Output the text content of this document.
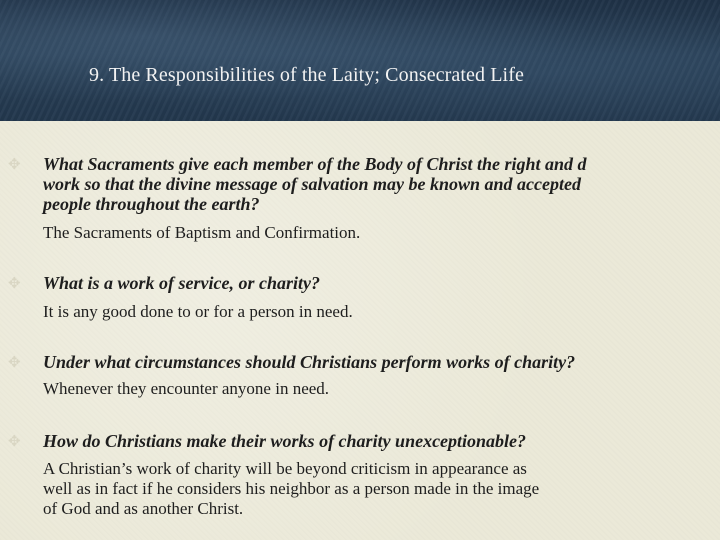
9. The Responsibilities of the Laity; Consecrated Life
✥	What Sacraments give each member of the Body of Christ the right and d

work so that the divine message of salvation may be known and accepted

people throughout the earth?

The Sacraments of Baptism and Confirmation.

✥	What is a work of service, or charity?

It is any good done to or for a person in need.

✥	Under what circumstances should Christians perform works of charity?

Whenever they encounter anyone in need.

✥	How do Christians make their works of charity unexceptionable?

A Christian’s work of charity will be beyond criticism in appearance as

well as in fact if he considers his neighbor as a person made in the image

of God and as another Christ.
